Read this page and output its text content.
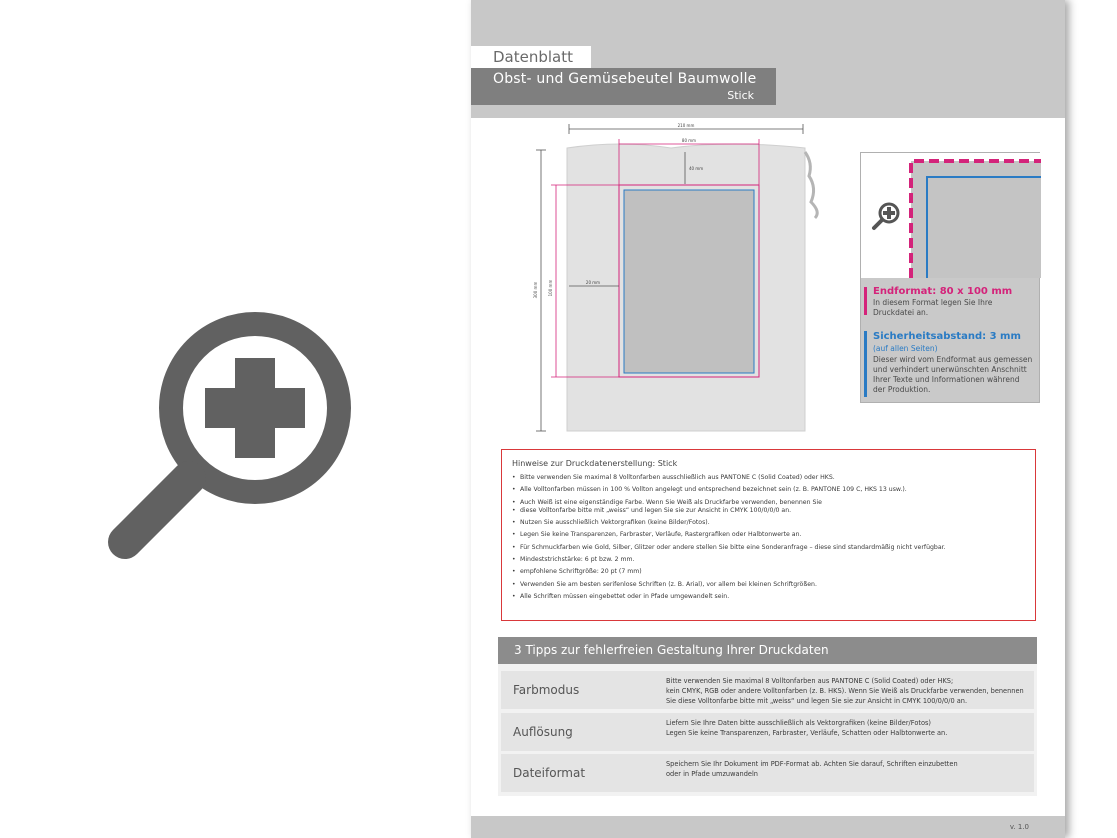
Datenblatt
Obst- und Gemüsebeutel Baumwolle
Stick
210 mm
80 mm
40 mm
20 mm
300 mm	100 mm	Endformat: 80 x 100 mm
In diesem Format legen Sie Ihre
Druckdatei an.
Sicherheitsabstand: 3 mm
(auf allen Seiten)
Dieser wird vom Endformat aus gemessen
und verhindert unerwünschten Anschnitt
Ihrer Texte und Informationen während
der Produktion.
Hinweise zur Druckdatenerstellung: Stick
• Bitte verwenden Sie maximal 8 Volltonfarben ausschließlich aus PANTONE C (Solid Coated) oder HKS.
• Alle Volltonfarben müssen in 100 % Vollton angelegt und entsprechend bezeichnet sein (z. B. PANTONE 109 C, HKS 13 usw.).
• Auch Weiß ist eine eigenständige Farbe. Wenn Sie Weiß als Druckfarbe verwenden, benennen Sie
• diese Volltonfarbe bitte mit „weiss“ und legen Sie sie zur Ansicht in CMYK 100/0/0/0 an.
• Nutzen Sie ausschließlich Vektorgrafiken (keine Bilder/Fotos).
• Legen Sie keine Transparenzen, Farbraster, Verläufe, Rastergrafiken oder Halbtonwerte an.
• Für Schmuckfarben wie Gold, Silber, Glitzer oder andere stellen Sie bitte eine Sonderanfrage – diese sind standardmäßig nicht verfügbar.
• Mindeststrichstärke: 6 pt bzw. 2 mm.
• empfohlene Schriftgröße: 20 pt (7 mm)
• Verwenden Sie am besten serifenlose Schriften (z. B. Arial), vor allem bei kleinen Schriftgrößen.
• Alle Schriften müssen eingebettet oder in Pfade umgewandelt sein.
3 Tipps zur fehlerfreien Gestaltung Ihrer Druckdaten
Farbmodus
Bitte verwenden Sie maximal 8 Volltonfarben aus PANTONE C (Solid Coated) oder HKS;
kein CMYK, RGB oder andere Volltonfarben (z. B. HKS). Wenn Sie Weiß als Druckfarbe verwenden, benennen
Sie diese Volltonfarbe bitte mit „weiss“ und legen Sie sie zur Ansicht in CMYK 100/0/0/0 an.
Auflösung
Liefern Sie Ihre Daten bitte ausschließlich als Vektorgrafiken (keine Bilder/Fotos)
Legen Sie keine Transparenzen, Farbraster, Verläufe, Schatten oder Halbtonwerte an.
Dateiformat
Speichern Sie Ihr Dokument im PDF-Format ab. Achten Sie darauf, Schriften einzubetten
oder in Pfade umzuwandeln
v. 1.0
